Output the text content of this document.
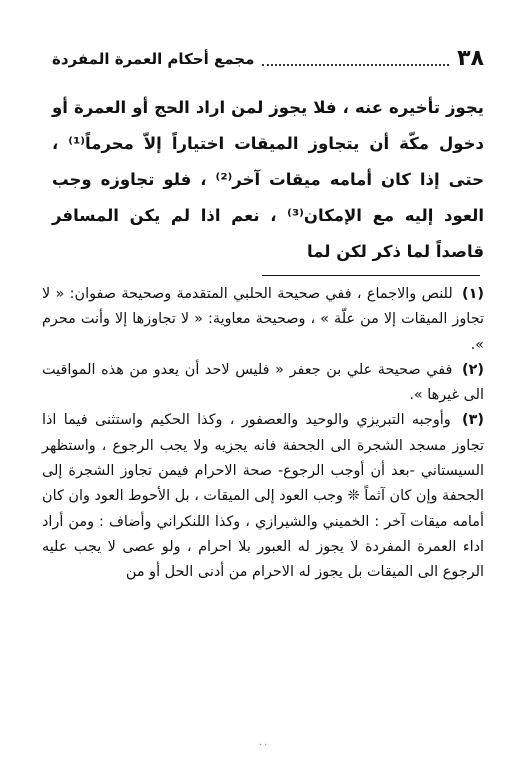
٣٨
مجمع أحكام العمرة المفردة

يجوز تأخيره عنه ، فلا يجوز لمن اراد الحج أو العمرة أو دخول مكّة أن يتجاوز الميقات اختياراً إلاّ محرماً⁽¹⁾ ، حتى إذا كان أمامه ميقات آخر⁽²⁾ ، فلو تجاوزه وجب العود إليه مع الإمكان⁽³⁾ ، نعم اذا لم يكن المسافر قاصداً لما ذكر لكن لما

(١) للنص والاجماع ، ففي صحيحة الحلبي المتقدمة وصحيحة صفوان: « لا تجاوز الميقات إلا من علّة » ، وصحيحة معاوية: « لا تجاوزها إلا وأنت محرم ».

(٢) ففي صحيحة علي بن جعفر « فليس لاحد أن يعدو من هذه المواقيت الى غيرها ».

(٣) وأوجبه التبريزي والوحيد والعصفور ، وكذا الحكيم واستثنى فيما اذا تجاوز مسجد الشجرة الى الجحفة فانه يجزيه ولا يجب الرجوع ، واستظهر السيستاني -بعد أن أوجب الرجوع- صحة الاحرام فيمن تجاوز الشجرة إلى الجحفة وإن كان آثماً ❊ وجب العود إلى الميقات ، بل الأحوط العود وان كان أمامه ميقات آخر : الخميني والشيرازي ، وكذا اللنكراني وأضاف : ومن أراد اداء العمرة المفردة لا يجوز له العبور بلا احرام ، ولو عصى لا يجب عليه الرجوع الى الميقات بل يجوز له الاحرام من أدنى الحل أو من

٠٠
